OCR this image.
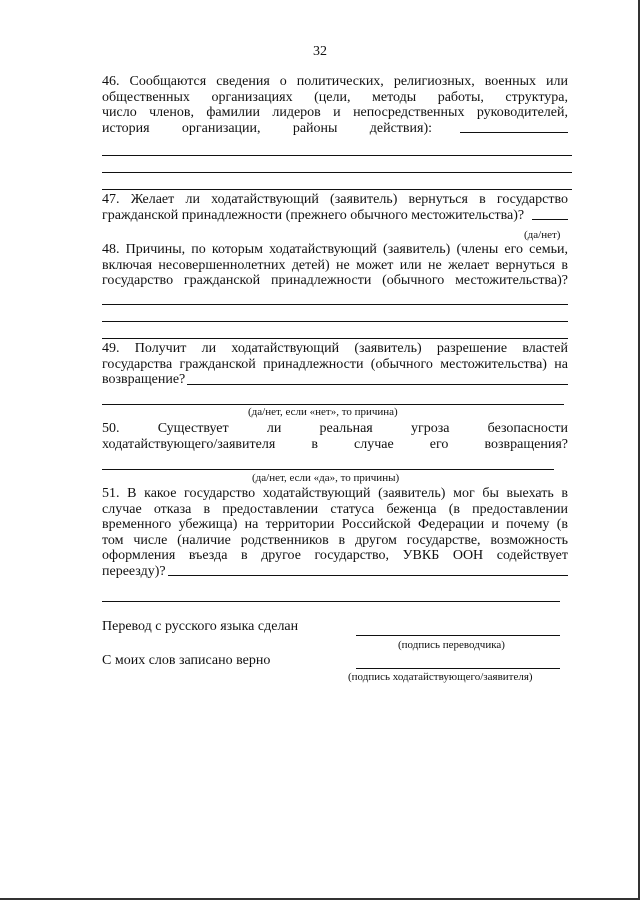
32
46. Сообщаются сведения о политических, религиозных, военных или
общественных организациях (цели, методы работы, структура,
число членов, фамилии лидеров и непосредственных руководителей,
история организации, районы действия):
47. Желает ли ходатайствующий (заявитель) вернуться в государство
гражданской принадлежности (прежнего обычного местожительства)?
(да/нет)
48. Причины, по которым ходатайствующий (заявитель) (члены его семьи,
включая несовершеннолетних детей) не может или не желает вернуться в
государство гражданской принадлежности (обычного местожительства)?
49. Получит ли ходатайствующий (заявитель) разрешение властей
государства гражданской принадлежности (обычного местожительства) на
возвращение?
(да/нет, если «нет», то причина)
50. Существует ли реальная угроза безопасности
ходатайствующего/заявителя в случае его возвращения?
(да/нет, если «да», то причины)
51. В какое государство ходатайствующий (заявитель) мог бы выехать в
случае отказа в предоставлении статуса беженца (в предоставлении
временного убежища) на территории Российской Федерации и почему (в
том числе (наличие родственников в другом государстве, возможность
оформления въезда в другое государство, УВКБ ООН содействует
переезду)?
Перевод с русского языка сделан
(подпись переводчика)
С моих слов записано верно
(подпись ходатайствующего/заявителя)
